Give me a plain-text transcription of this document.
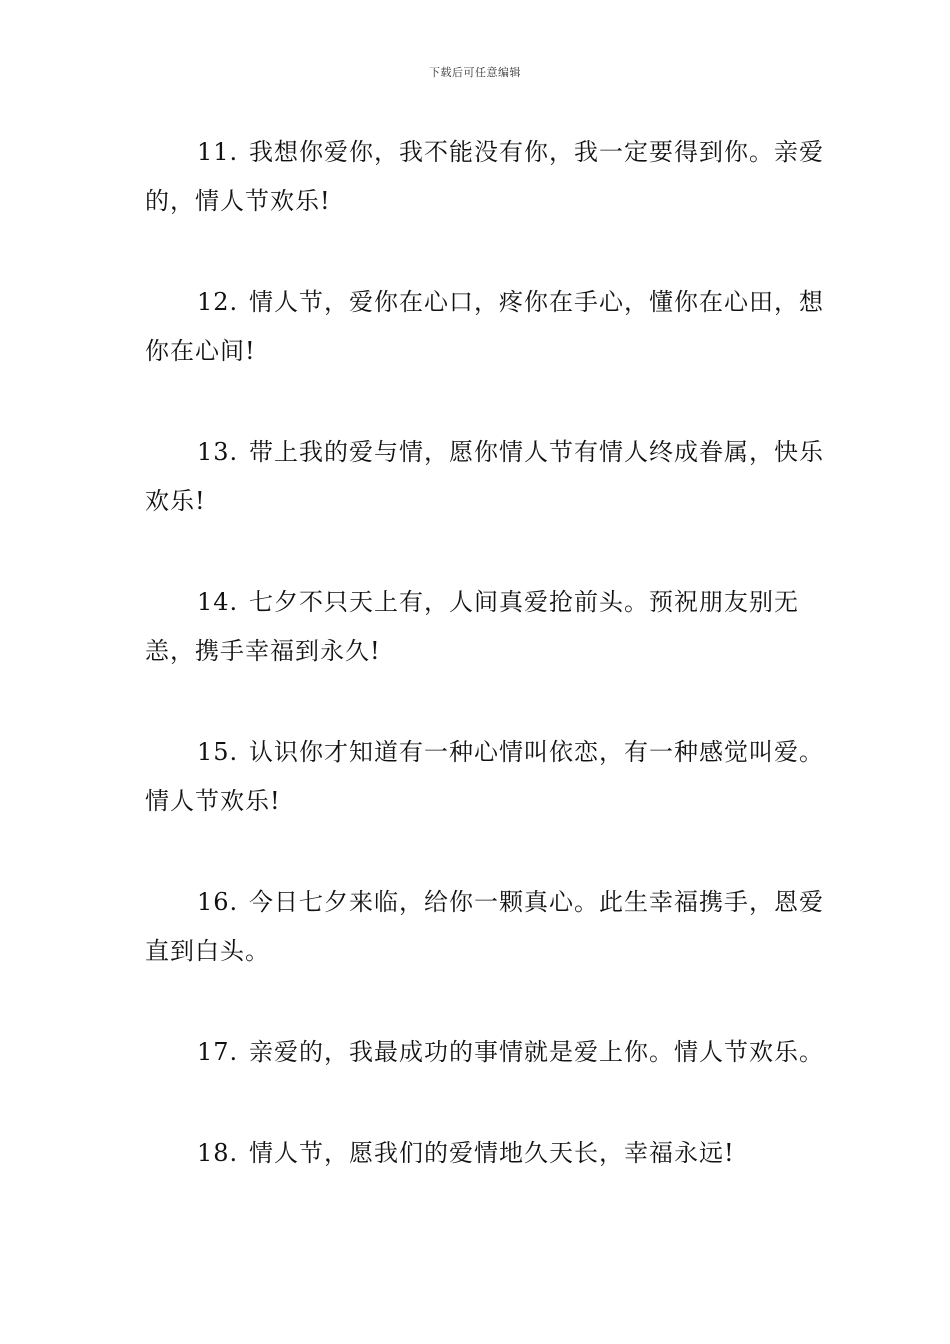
下载后可任意编辑

11. 我想你爱你，我不能没有你，我一定要得到你。亲爱的，情人节欢乐!

12. 情人节，爱你在心口，疼你在手心，懂你在心田，想你在心间!

13. 带上我的爱与情，愿你情人节有情人终成眷属，快乐欢乐!

14. 七夕不只天上有，人间真爱抢前头。预祝朋友别无恙，携手幸福到永久!

15. 认识你才知道有一种心情叫依恋，有一种感觉叫爱。情人节欢乐!

16. 今日七夕来临，给你一颗真心。此生幸福携手，恩爱直到白头。

17. 亲爱的，我最成功的事情就是爱上你。情人节欢乐。

18. 情人节，愿我们的爱情地久天长，幸福永远!
